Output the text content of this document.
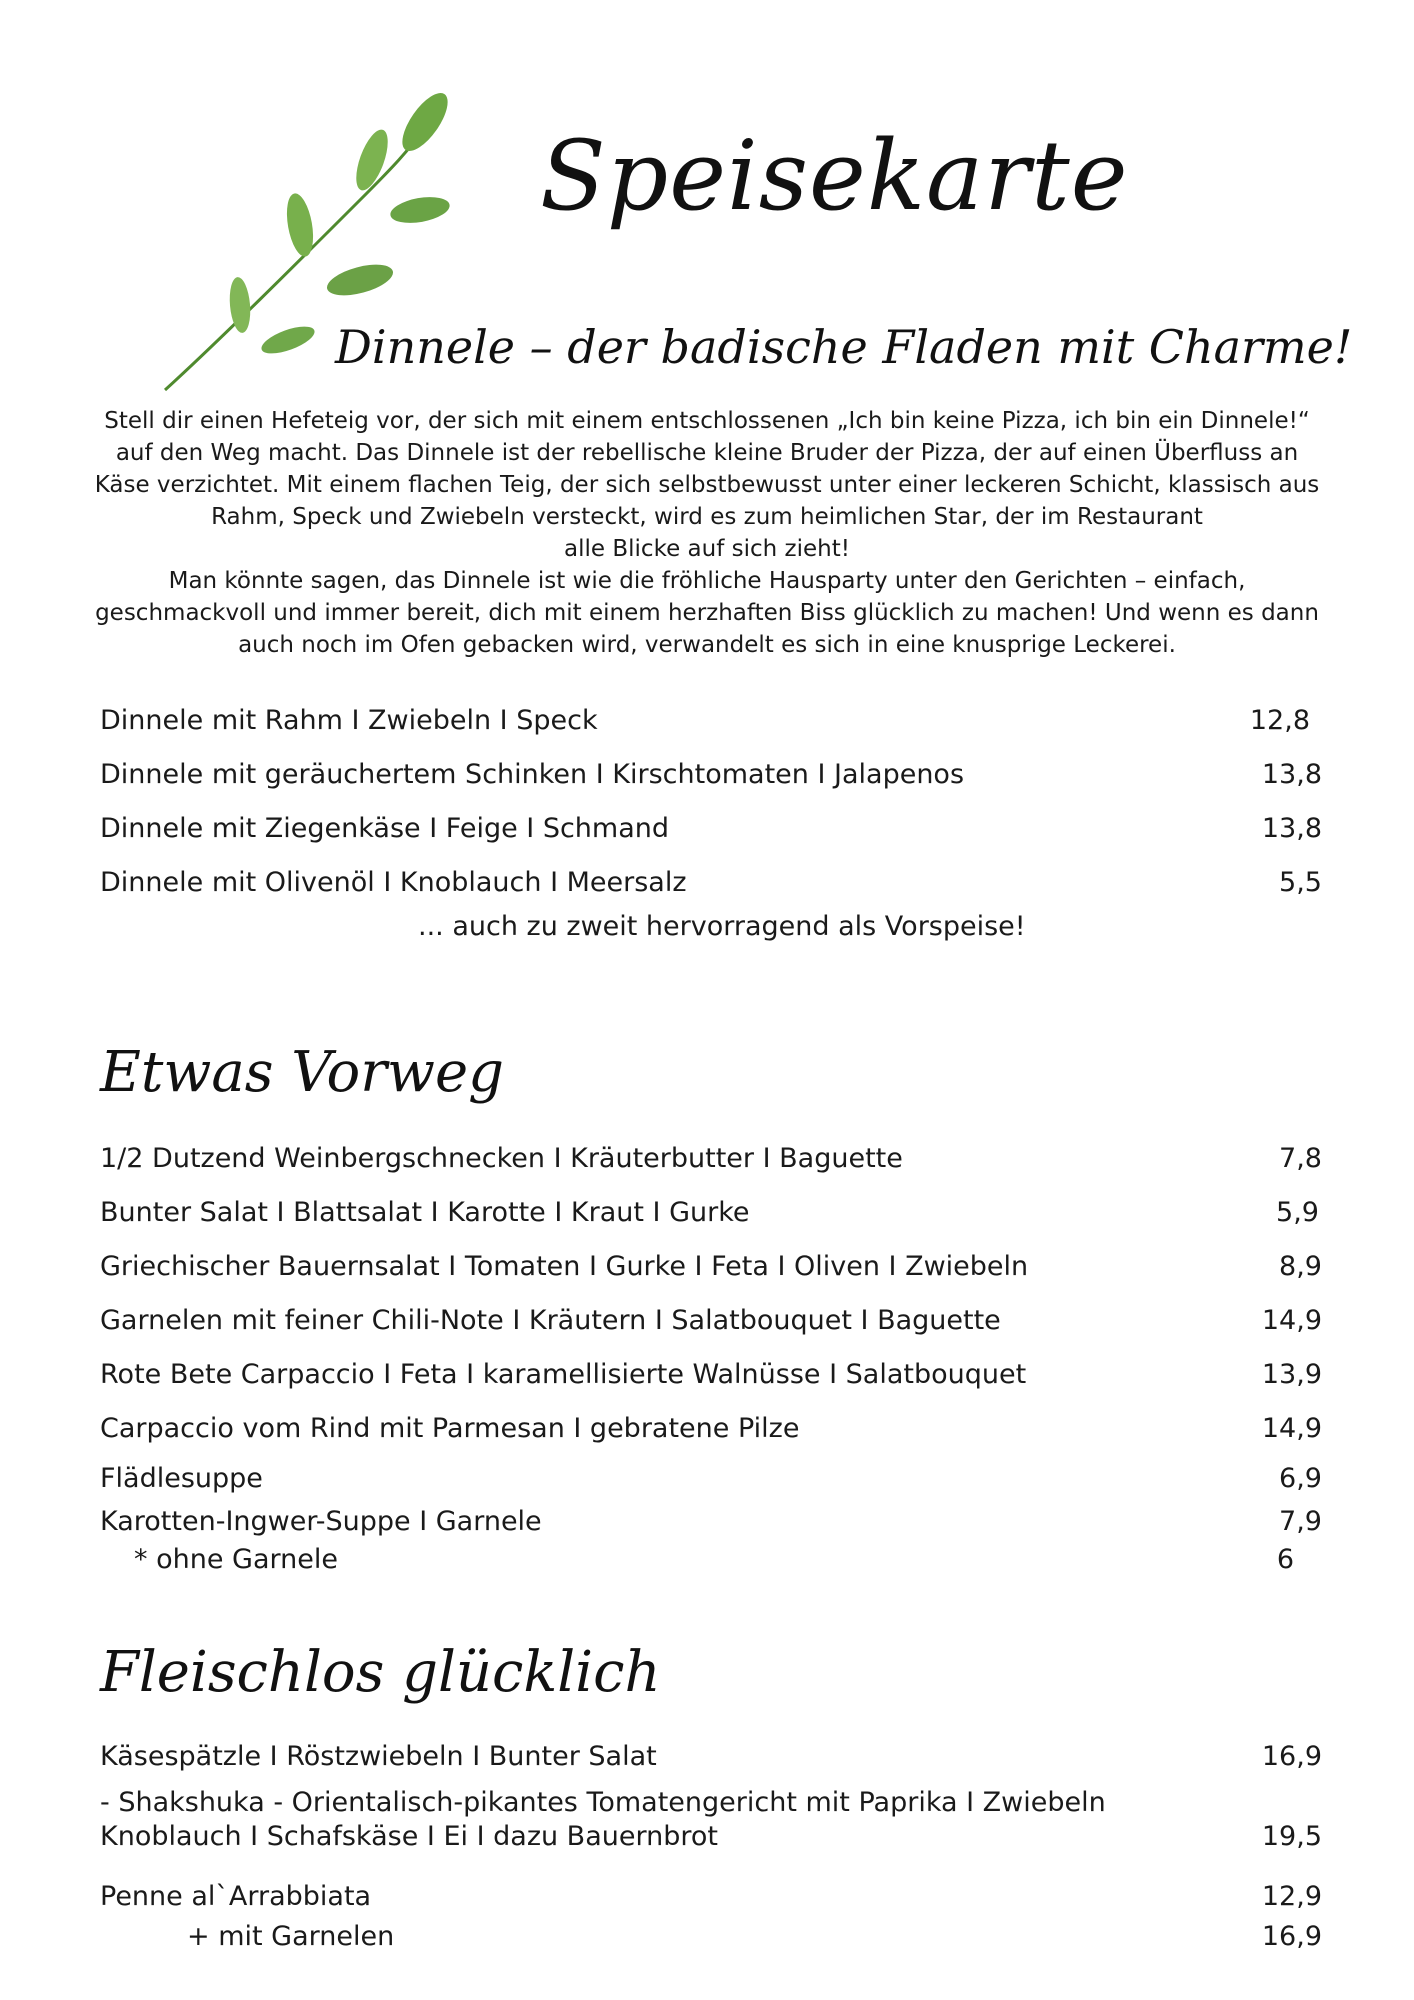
Speisekarte
Dinnele – der badische Fladen mit Charme!

Stell dir einen Hefeteig vor, der sich mit einem entschlossenen „Ich bin keine Pizza, ich bin ein Dinnele!“

auf den Weg macht. Das Dinnele ist der rebellische kleine Bruder der Pizza, der auf einen Überfluss an

Käse verzichtet. Mit einem flachen Teig, der sich selbstbewusst unter einer leckeren Schicht, klassisch aus

Rahm, Speck und Zwiebeln versteckt, wird es zum heimlichen Star, der im Restaurant

alle Blicke auf sich zieht!

Man könnte sagen, das Dinnele ist wie die fröhliche Hausparty unter den Gerichten – einfach,

geschmackvoll und immer bereit, dich mit einem herzhaften Biss glücklich zu machen! Und wenn es dann

auch noch im Ofen gebacken wird, verwandelt es sich in eine knusprige Leckerei.

Dinnele mit Rahm I Zwiebeln I Speck	12,8
Dinnele mit geräuchertem Schinken I Kirschtomaten I Jalapenos	13,8
Dinnele mit Ziegenkäse I Feige I Schmand	13,8
Dinnele mit Olivenöl I Knoblauch I Meersalz	5,5
... auch zu zweit hervorragend als Vorspeise!
Etwas Vorweg
1/2 Dutzend Weinbergschnecken I Kräuterbutter I Baguette	7,8
Bunter Salat I Blattsalat I Karotte I Kraut I Gurke	5,9
Griechischer Bauernsalat I Tomaten I Gurke I Feta I Oliven I Zwiebeln	8,9
Garnelen mit feiner Chili-Note I Kräutern I Salatbouquet I Baguette	14,9
Rote Bete Carpaccio I Feta I karamellisierte Walnüsse I Salatbouquet	13,9
Carpaccio vom Rind mit Parmesan I gebratene Pilze	14,9
Flädlesuppe	6,9
Karotten-Ingwer-Suppe I Garnele	7,9
* ohne Garnele	6
Fleischlos glücklich
Käsespätzle I Röstzwiebeln I Bunter Salat	16,9
- Shakshuka - Orientalisch-pikantes Tomatengericht mit Paprika I Zwiebeln
Knoblauch I Schafskäse I Ei I dazu Bauernbrot	19,5
Penne al`Arrabbiata	12,9
+ mit Garnelen	16,9
